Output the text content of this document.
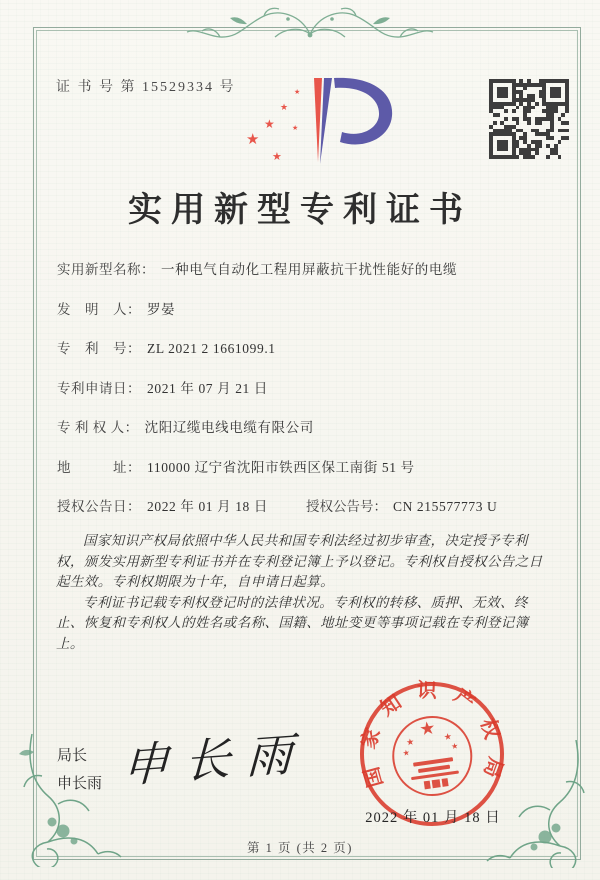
证 书 号 第 15529334 号
★
★
★
★
★
★
实用新型专利证书
实用新型名称： 一种电气自动化工程用屏蔽抗干扰性能好的电缆
发　明　人： 罗晏
专　利　号： ZL 2021 2 1661099.1
专利申请日： 2021 年 07 月 21 日
专 利 权 人： 沈阳辽缆电线电缆有限公司
地　　　址： 110000 辽宁省沈阳市铁西区保工南街 51 号
授权公告日： 2022 年 01 月 18 日	授权公告号： CN 215577773 U

国家知识产权局依照中华人民共和国专利法经过初步审查，决定授予专利权，颁发实用新型专利证书并在专利登记簿上予以登记。专利权自授权公告之日起生效。专利权期限为十年，自申请日起算。

专利证书记载专利权登记时的法律状况。专利权的转移、质押、无效、终止、恢复和专利权人的姓名或名称、国籍、地址变更等事项记载在专利登记簿上。

局长
申长雨 申长雨	国家知识产权局
★
★	★
★
★
2022 年 01 月 18 日
第 1 页 (共 2 页)
